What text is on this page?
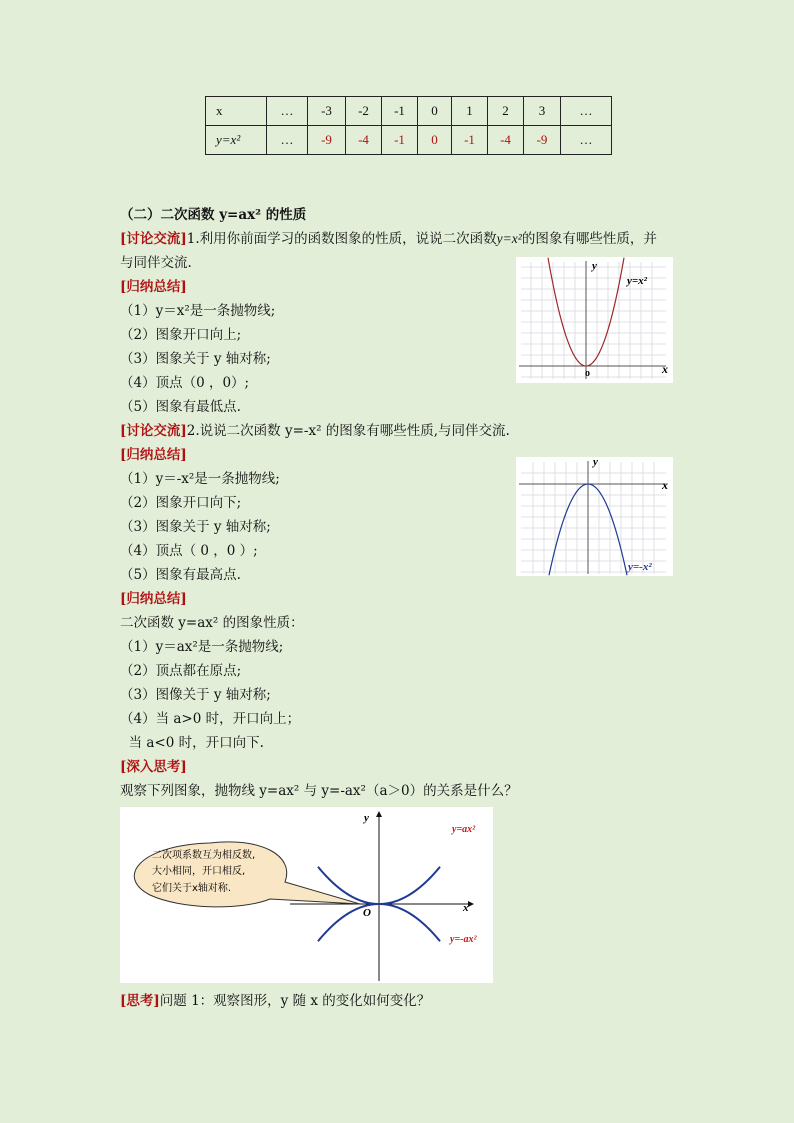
x	…	-3	-2	-1	0	1	2	3	…
y=x²	…	-9	-4	-1	0	-1	-4	-9	…
（二）二次函数 y=ax² 的性质
[讨论交流]1.利用你前面学习的函数图象的性质，说说二次函数y=x²的图象有哪些性质，并
与同伴交流.
[归纳总结]
（1）y＝x²是一条抛物线;
（2）图象开口向上;
（3）图象关于 y 轴对称;
（4）顶点（0 ，0）;
（5）图象有最低点.
y
x
o
y=x²
[讨论交流]2.说说二次函数 y=-x² 的图象有哪些性质,与同伴交流.
[归纳总结]
（1）y＝-x²是一条抛物线;
（2）图象开口向下;
（3）图象关于 y 轴对称;
（4）顶点（ 0 ，0 ）;
（5）图象有最高点.
y
x
y=-x²
[归纳总结]
二次函数 y=ax² 的图象性质：
（1）y＝ax²是一条抛物线;
（2）顶点都在原点;
（3）图像关于 y 轴对称;
（4）当 a>0 时，开口向上；
当 a<0 时，开口向下.
[深入思考]
观察下列图象，抛物线 y=ax² 与 y=-ax²（a＞0）的关系是什么？
二次项系数互为相反数,
大小相同，开口相反,
它们关于x轴对称.
y
x
O
y=ax²
y=-ax²
[思考]问题 1：观察图形，y 随 x 的变化如何变化？
